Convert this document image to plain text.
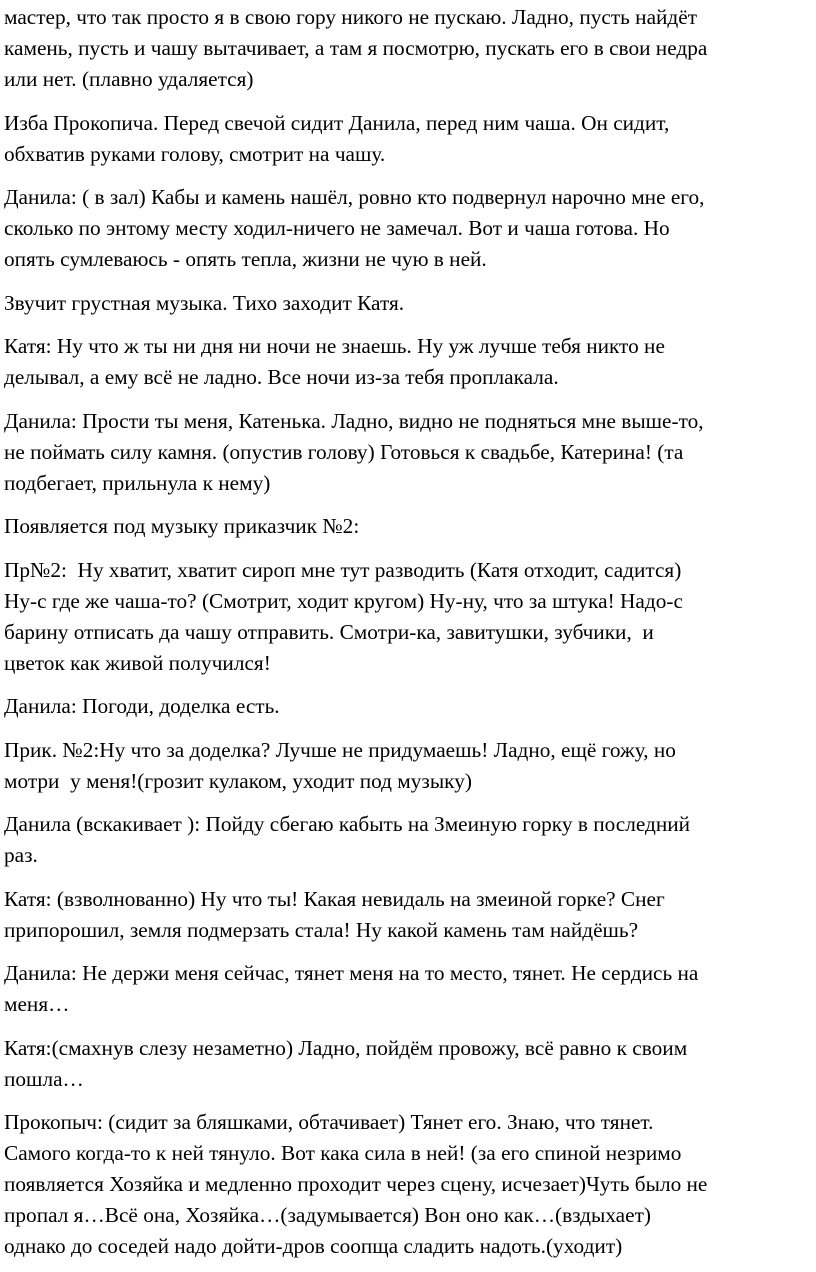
мастер, что так просто я в свою гору никого не пускаю. Ладно, пусть найдёт
камень, пусть и чашу вытачивает, а там я посмотрю, пускать его в свои недра
или нет. (плавно удаляется)
Изба Прокопича. Перед свечой сидит Данила, перед ним чаша. Он сидит,
обхватив руками голову, смотрит на чашу.
Данила: ( в зал) Кабы и камень нашёл, ровно кто подвернул нарочно мне его,
сколько по энтому месту ходил-ничего не замечал. Вот и чаша готова. Но
опять сумлеваюсь - опять тепла, жизни не чую в ней.
Звучит грустная музыка. Тихо заходит Катя.
Катя: Ну что ж ты ни дня ни ночи не знаешь. Ну уж лучше тебя никто не
делывал, а ему всё не ладно. Все ночи из-за тебя проплакала.
Данила: Прости ты меня, Катенька. Ладно, видно не подняться мне выше-то,
не поймать силу камня. (опустив голову) Готовься к свадьбе, Катерина! (та
подбегает, прильнула к нему)
Появляется под музыку приказчик №2:
Пр№2:  Ну хватит, хватит сироп мне тут разводить (Катя отходит, садится)
Ну-с где же чаша-то? (Смотрит, ходит кругом) Ну-ну, что за штука! Надо-с
барину отписать да чашу отправить. Смотри-ка, завитушки, зубчики,  и
цветок как живой получился!
Данила: Погоди, доделка есть.
Прик. №2:Ну что за доделка? Лучше не придумаешь! Ладно, ещё гожу, но
мотри  у меня!(грозит кулаком, уходит под музыку)
Данила (вскакивает ): Пойду сбегаю кабыть на Змеиную горку в последний
раз.
Катя: (взволнованно) Ну что ты! Какая невидаль на змеиной горке? Снег
припорошил, земля подмерзать стала! Ну какой камень там найдёшь?
Данила: Не держи меня сейчас, тянет меня на то место, тянет. Не сердись на
меня…
Катя:(смахнув слезу незаметно) Ладно, пойдём провожу, всё равно к своим
пошла…
Прокопыч: (сидит за бляшками, обтачивает) Тянет его. Знаю, что тянет.
Самого когда-то к ней тянуло. Вот кака сила в ней! (за его спиной незримо
появляется Хозяйка и медленно проходит через сцену, исчезает)Чуть было не
пропал я…Всё она, Хозяйка…(задумывается) Вон оно как…(вздыхает)
однако до соседей надо дойти-дров соопща сладить надоть.(уходит)
